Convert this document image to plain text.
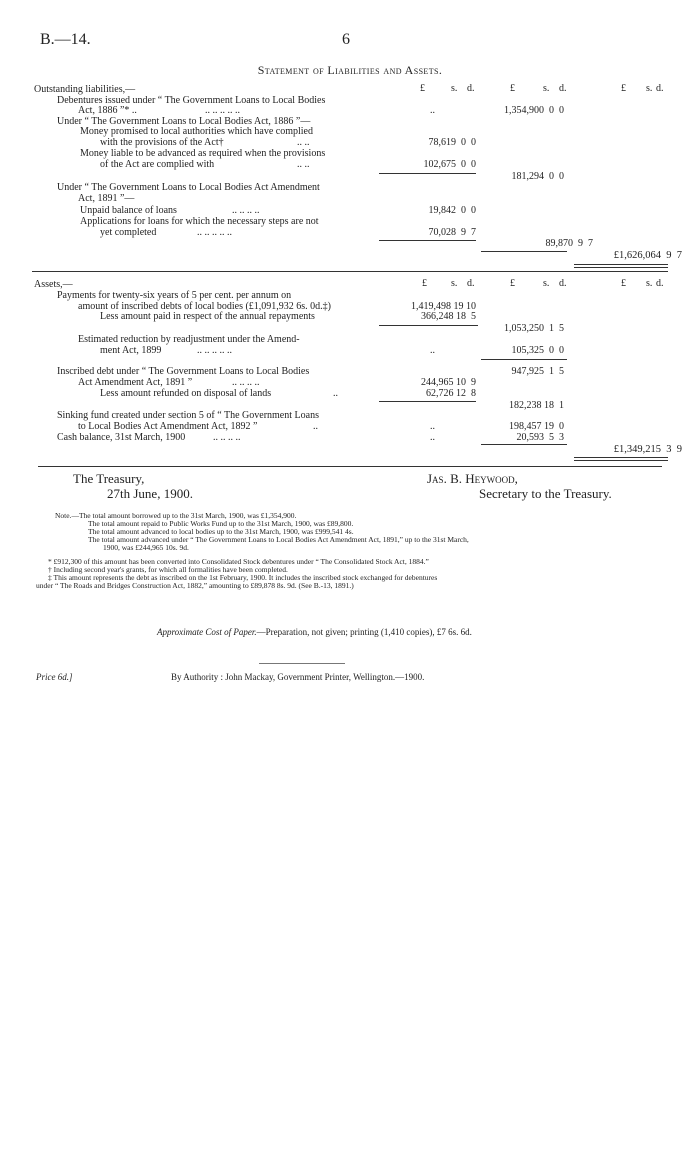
B.—14.	6
Statement of Liabilities and Assets.
£	s. d.	£	s. d.	£ s. d.
Outstanding liabilities,—
Debentures issued under “ The Government Loans to Local Bodies
Act, 1886 ”* ..	.. .. .. .. ..	..	1,354,900  0  0
Under “ The Government Loans to Local Bodies Act, 1886 ”—
Money promised to local authorities which have complied
with the provisions of the Act†	.. ..	78,619  0  0
Money liable to be advanced as required when the provisions
of the Act are complied with	.. ..	102,675  0  0
181,294  0  0
Under “ The Government Loans to Local Bodies Act Amendment
Act, 1891 ”—
Unpaid balance of loans	.. .. .. ..	19,842  0  0
Applications for loans for which the necessary steps are not
yet completed	.. .. .. .. ..	70,028  9  7
89,870  9  7
£1,626,064  9  7
£ s. d.	£	s. d.	£ s. d.
Assets,—
Payments for twenty-six years of 5 per cent. per annum on
amount of inscribed debts of local bodies (£1,091,932 6s. 0d.‡)	1,419,498 19 10
Less amount paid in respect of the annual repayments	366,248 18  5
1,053,250  1  5
Estimated reduction by readjustment under the Amend-
ment Act, 1899	.. .. .. .. ..	..	105,325  0  0
947,925  1  5
Inscribed debt under “ The Government Loans to Local Bodies
Act Amendment Act, 1891 ”	.. .. .. ..	244,965 10  9
Less amount refunded on disposal of lands	..	62,726 12  8
182,238 18  1
Sinking fund created under section 5 of “ The Government Loans
to Local Bodies Act Amendment Act, 1892 ”	..	..	198,457 19  0
Cash balance, 31st March, 1900	.. .. .. ..	..	20,593  5  3
£1,349,215  3  9
The Treasury,
27th June, 1900.
Jas. B. Heywood,
Secretary to the Treasury.
Note.—The total amount borrowed up to the 31st March, 1900, was £1,354,900.
The total amount repaid to Public Works Fund up to the 31st March, 1900, was £89,800.
The total amount advanced to local bodies up to the 31st March, 1900, was £999,541 4s.
The total amount advanced under “ The Government Loans to Local Bodies Act Amendment Act, 1891,” up to the 31st March,
1900, was £244,965 10s. 9d.
* £912,300 of this amount has been converted into Consolidated Stock debentures under “ The Consolidated Stock Act, 1884.”
† Including second year's grants, for which all formalities have been completed.
‡ This amount represents the debt as inscribed on the 1st February, 1900. It includes the inscribed stock exchanged for debentures
under “ The Roads and Bridges Construction Act, 1882,” amounting to £89,878 8s. 9d. (See B.-13, 1891.)
Approximate Cost of Paper.—Preparation, not given; printing (1,410 copies), £7 6s. 6d.
Price 6d.]	By Authority : John Mackay, Government Printer, Wellington.—1900.
